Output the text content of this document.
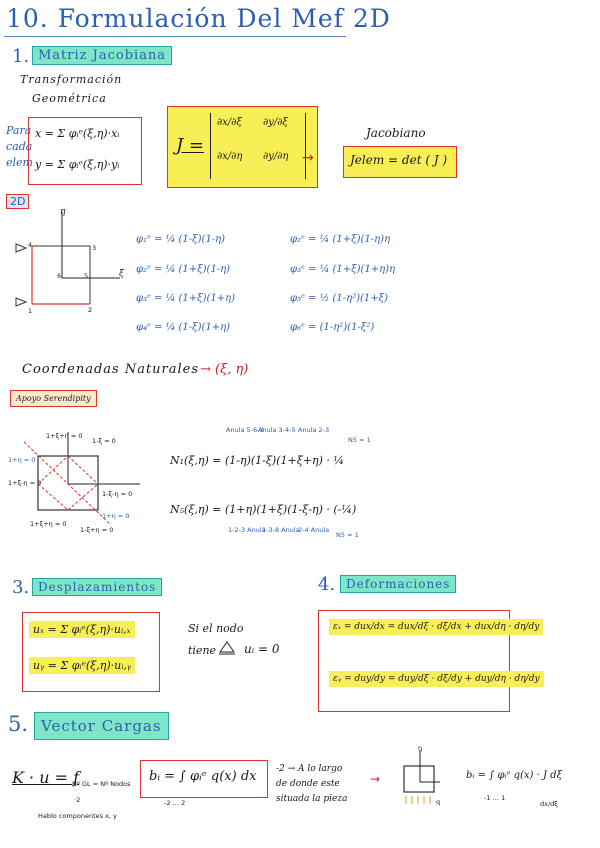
10. Formulación Del Mef 2D
1. Matriz Jacobiana
Transformación
Geométrica
Para
cada
elem
x = Σ φᵢᵉ(ξ,η)·xᵢ
y = Σ φᵢᵉ(ξ,η)·yᵢ
J =
∂x/∂ξ ∂y/∂ξ
∂x/∂η ∂y/∂η →
Jacobiano
Jelem = det ( J )
2D
η
ξ
4	3
6	5
1	2
φ₁ᵉ = ¼ (1-ξ)(1-η)
φ₂ᵉ = ¼ (1+ξ)(1-η)
φ₃ᵉ = ¼ (1+ξ)(1+η)
φ₄ᵉ = ¼ (1-ξ)(1+η)
φ₂ᵉ = ¼ (1+ξ)(1-η)η
φ₃ᵉ = ¼ (1+ξ)(1+η)η
φ₅ᵉ = ½ (1-η²)(1+ξ)
φ₆ᵉ = (1-η²)(1-ξ²)
Coordenadas Naturales → (ξ, η)
Apoyo Serendipity
1+ξ+η = 0
1-ξ = 0
1+η = 0
1+ξ-η = 0
1-ξ-η = 0
1+ξ+η = 0
1+η = 0
1-ξ+η = 0
Anula 5-6-3
Anula 3-4-5 Anula 2-3
N5 = 1
N₁(ξ,η) = (1-η)(1-ξ)(1+ξ+η) · ¼
N₅(ξ,η) = (1+η)(1+ξ)(1-ξ-η) · (-¼)
1-2-3 Anula
1-3-8 Anula
2-4 Anula
N5 = 1
3. Desplazamientos
uₓ = Σ φᵢᵉ(ξ,η)·uᵢ,ₓ
uᵧ = Σ φᵢᵉ(ξ,η)·uᵢ,ᵧ
Si el nodo
tiene uᵢ = 0
4. Deformaciones
εₓ = dux/dx = dux/dξ · dξ/dx + dux/dη · dη/dy
εᵧ = duy/dy = duy/dξ · dξ/dy + duy/dη · dη/dy
5. Vector Cargas
K · u = f
Nº GL = Nº Nodos
·2
Hablo componentes x, y
bᵢ = ∫ φᵢᵉ q(x) dx
-2 … 2
-2 → A lo largo
de donde este
situada la pieza
→
η
q
bᵢ = ∫ φᵢᵉ q(x) · J dξ
-1 … 1
dx/dξ
